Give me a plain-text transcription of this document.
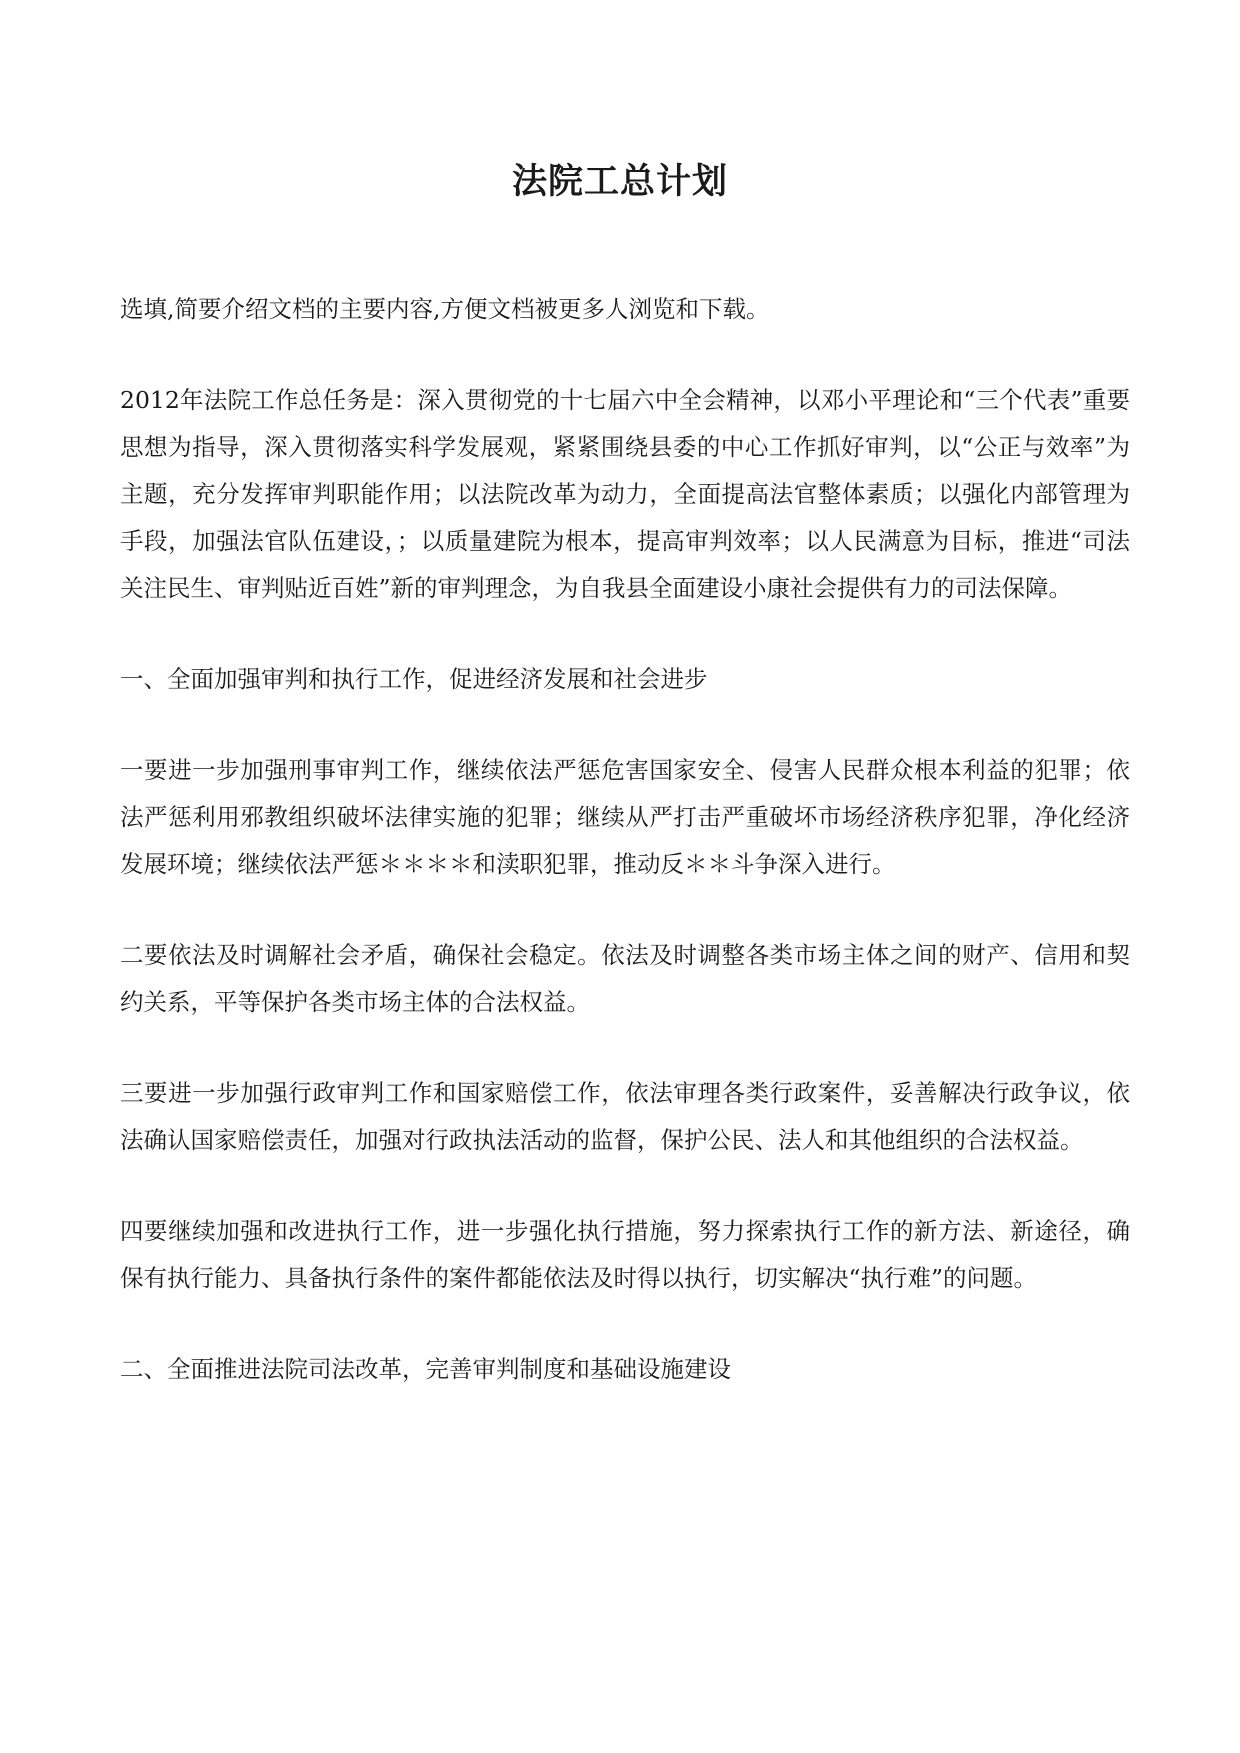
法院工总计划

选填,简要介绍文档的主要内容,方便文档被更多人浏览和下载。

2012年法院工作总任务是：深入贯彻党的十七届六中全会精神，以邓小平理论和“三个代表”重要思想为指导，深入贯彻落实科学发展观，紧紧围绕县委的中心工作抓好审判，以“公正与效率”为主题，充分发挥审判职能作用；以法院改革为动力，全面提高法官整体素质；以强化内部管理为手段，加强法官队伍建设，；以质量建院为根本，提高审判效率；以人民满意为目标，推进“司法关注民生、审判贴近百姓”新的审判理念，为自我县全面建设小康社会提供有力的司法保障。

一、全面加强审判和执行工作，促进经济发展和社会进步

一要进一步加强刑事审判工作，继续依法严惩危害国家安全、侵害人民群众根本利益的犯罪；依法严惩利用邪教组织破坏法律实施的犯罪；继续从严打击严重破坏市场经济秩序犯罪，净化经济发展环境；继续依法严惩＊＊＊＊和渎职犯罪，推动反＊＊斗争深入进行。

二要依法及时调解社会矛盾，确保社会稳定。依法及时调整各类市场主体之间的财产、信用和契约关系，平等保护各类市场主体的合法权益。

三要进一步加强行政审判工作和国家赔偿工作，依法审理各类行政案件，妥善解决行政争议，依法确认国家赔偿责任，加强对行政执法活动的监督，保护公民、法人和其他组织的合法权益。

四要继续加强和改进执行工作，进一步强化执行措施，努力探索执行工作的新方法、新途径，确保有执行能力、具备执行条件的案件都能依法及时得以执行，切实解决“执行难”的问题。

二、全面推进法院司法改革，完善审判制度和基础设施建设
